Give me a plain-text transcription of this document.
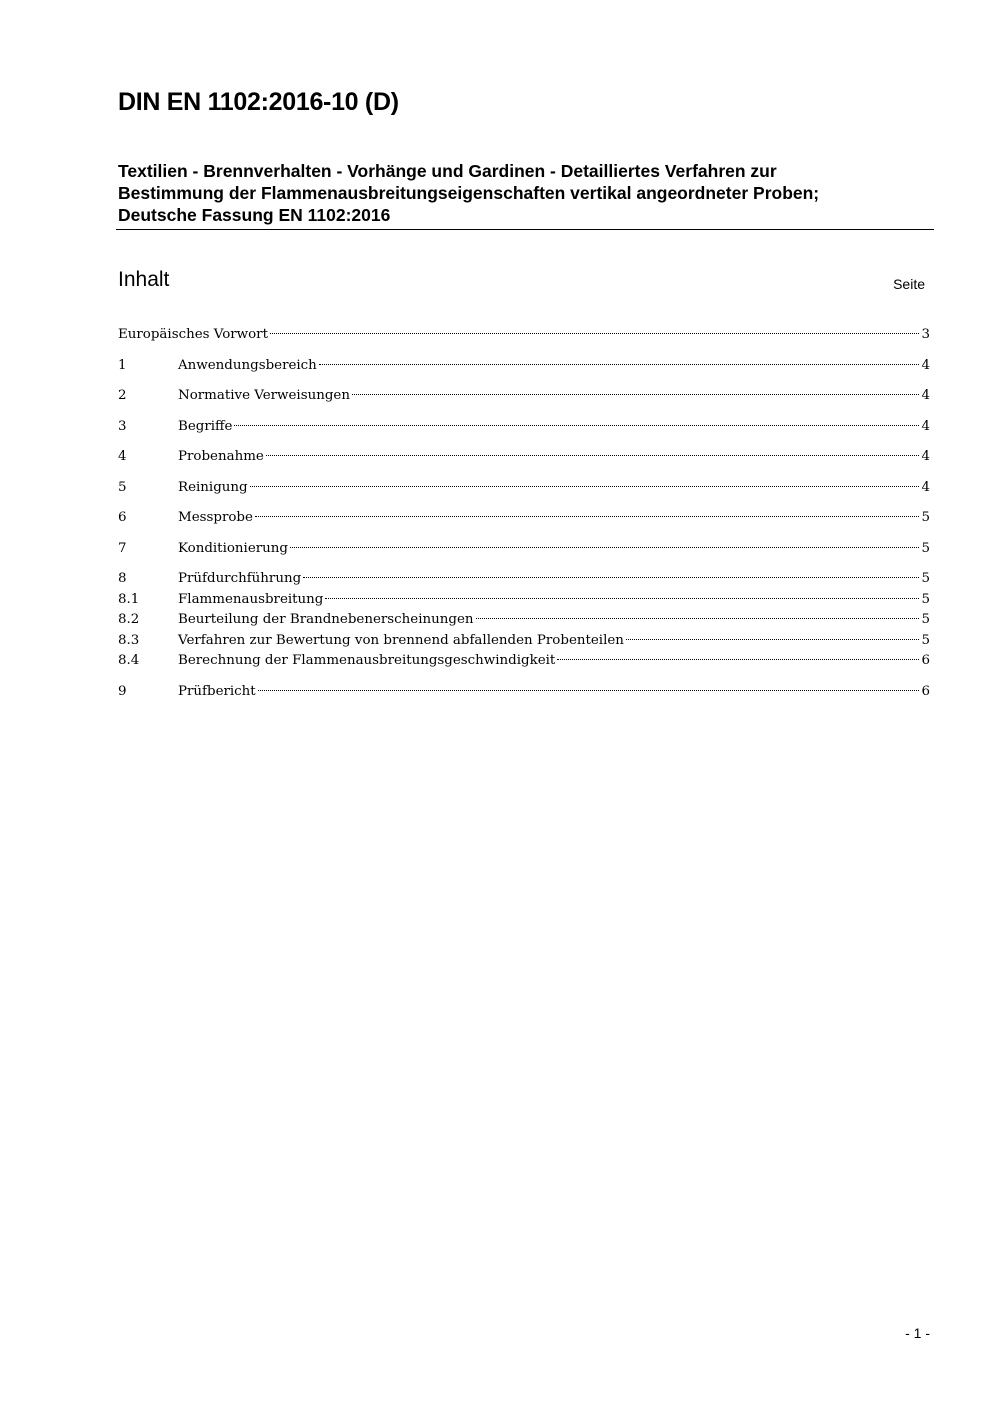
DIN EN 1102:2016-10 (D)
Textilien - Brennverhalten - Vorhänge und Gardinen - Detailliertes Verfahren zur
Bestimmung der Flammenausbreitungseigenschaften vertikal angeordneter Proben;
Deutsche Fassung EN 1102:2016
Inhalt	Seite
Europäisches Vorwort	3
1	Anwendungsbereich	4
2	Normative Verweisungen	4
3	Begriffe	4
4	Probenahme	4
5	Reinigung	4
6	Messprobe	5
7	Konditionierung	5
8	Prüfdurchführung	5
8.1	Flammenausbreitung	5
8.2	Beurteilung der Brandnebenerscheinungen	5
8.3	Verfahren zur Bewertung von brennend abfallenden Probenteilen	5
8.4	Berechnung der Flammenausbreitungsgeschwindigkeit	6
9	Prüfbericht	6
- 1 -
